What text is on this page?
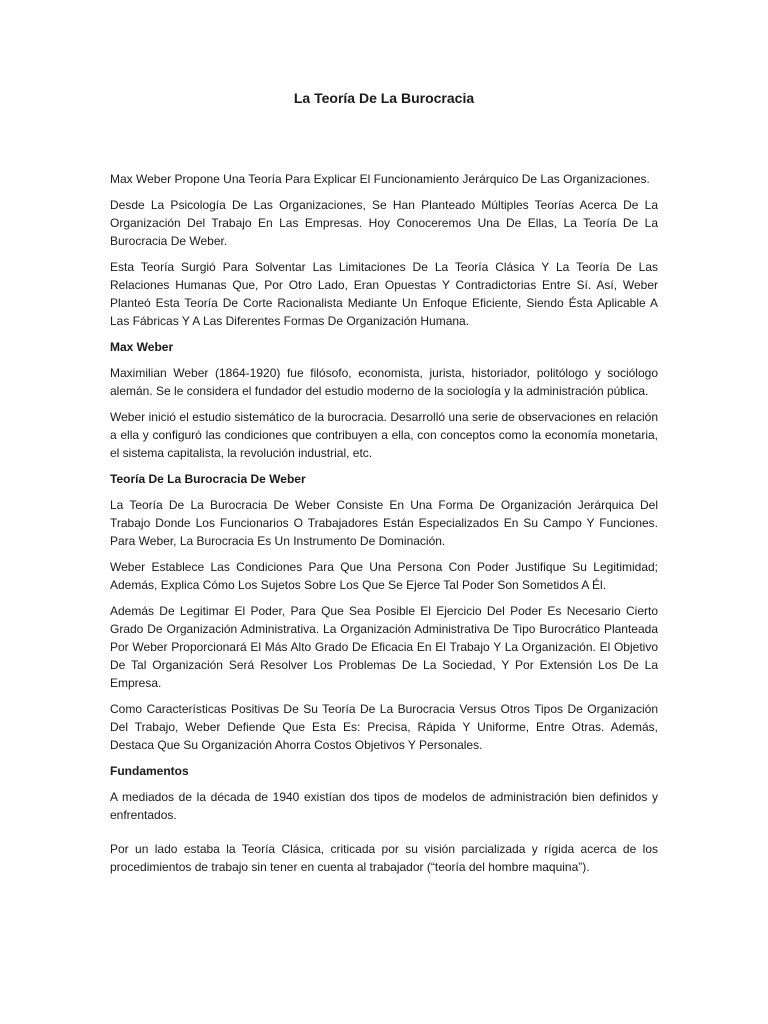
La Teoría De La Burocracia

Max Weber Propone Una Teoría Para Explicar El Funcionamiento Jerárquico De Las Organizaciones.

Desde La Psicología De Las Organizaciones, Se Han Planteado Múltiples Teorías Acerca De La Organización Del Trabajo En Las Empresas. Hoy Conoceremos Una De Ellas, La Teoría De La Burocracia De Weber.

Esta Teoría Surgió Para Solventar Las Limitaciones De La Teoría Clásica Y La Teoría De Las Relaciones Humanas Que, Por Otro Lado, Eran Opuestas Y Contradictorias Entre Sí. Así, Weber Planteó Esta Teoría De Corte Racionalista Mediante Un Enfoque Eficiente, Siendo Ésta Aplicable A Las Fábricas Y A Las Diferentes Formas De Organización Humana.

Max Weber

Maximilian Weber (1864-1920) fue filósofo, economista, jurista, historiador, politólogo y sociólogo alemán. Se le considera el fundador del estudio moderno de la sociología y la administración pública.

Weber inició el estudio sistemático de la burocracia. Desarrolló una serie de observaciones en relación a ella y configuró las condiciones que contribuyen a ella, con conceptos como la economía monetaria, el sistema capitalista, la revolución industrial, etc.

Teoría De La Burocracia De Weber

La Teoría De La Burocracia De Weber Consiste En Una Forma De Organización Jerárquica Del Trabajo Donde Los Funcionarios O Trabajadores Están Especializados En Su Campo Y Funciones. Para Weber, La Burocracia Es Un Instrumento De Dominación.

Weber Establece Las Condiciones Para Que Una Persona Con Poder Justifique Su Legitimidad; Además, Explica Cómo Los Sujetos Sobre Los Que Se Ejerce Tal Poder Son Sometidos A Él.

Además De Legitimar El Poder, Para Que Sea Posible El Ejercicio Del Poder Es Necesario Cierto Grado De Organización Administrativa. La Organización Administrativa De Tipo Burocrático Planteada Por Weber Proporcionará El Más Alto Grado De Eficacia En El Trabajo Y La Organización. El Objetivo De Tal Organización Será Resolver Los Problemas De La Sociedad, Y Por Extensión Los De La Empresa.

Como Características Positivas De Su Teoría De La Burocracia Versus Otros Tipos De Organización Del Trabajo, Weber Defiende Que Esta Es: Precisa, Rápida Y Uniforme, Entre Otras. Además, Destaca Que Su Organización Ahorra Costos Objetivos Y Personales.

Fundamentos

A mediados de la década de 1940 existían dos tipos de modelos de administración bien definidos y enfrentados.

Por un lado estaba la Teoría Clásica, criticada por su visión parcializada y rígida acerca de los procedimientos de trabajo sin tener en cuenta al trabajador (“teoría del hombre maquina”).
